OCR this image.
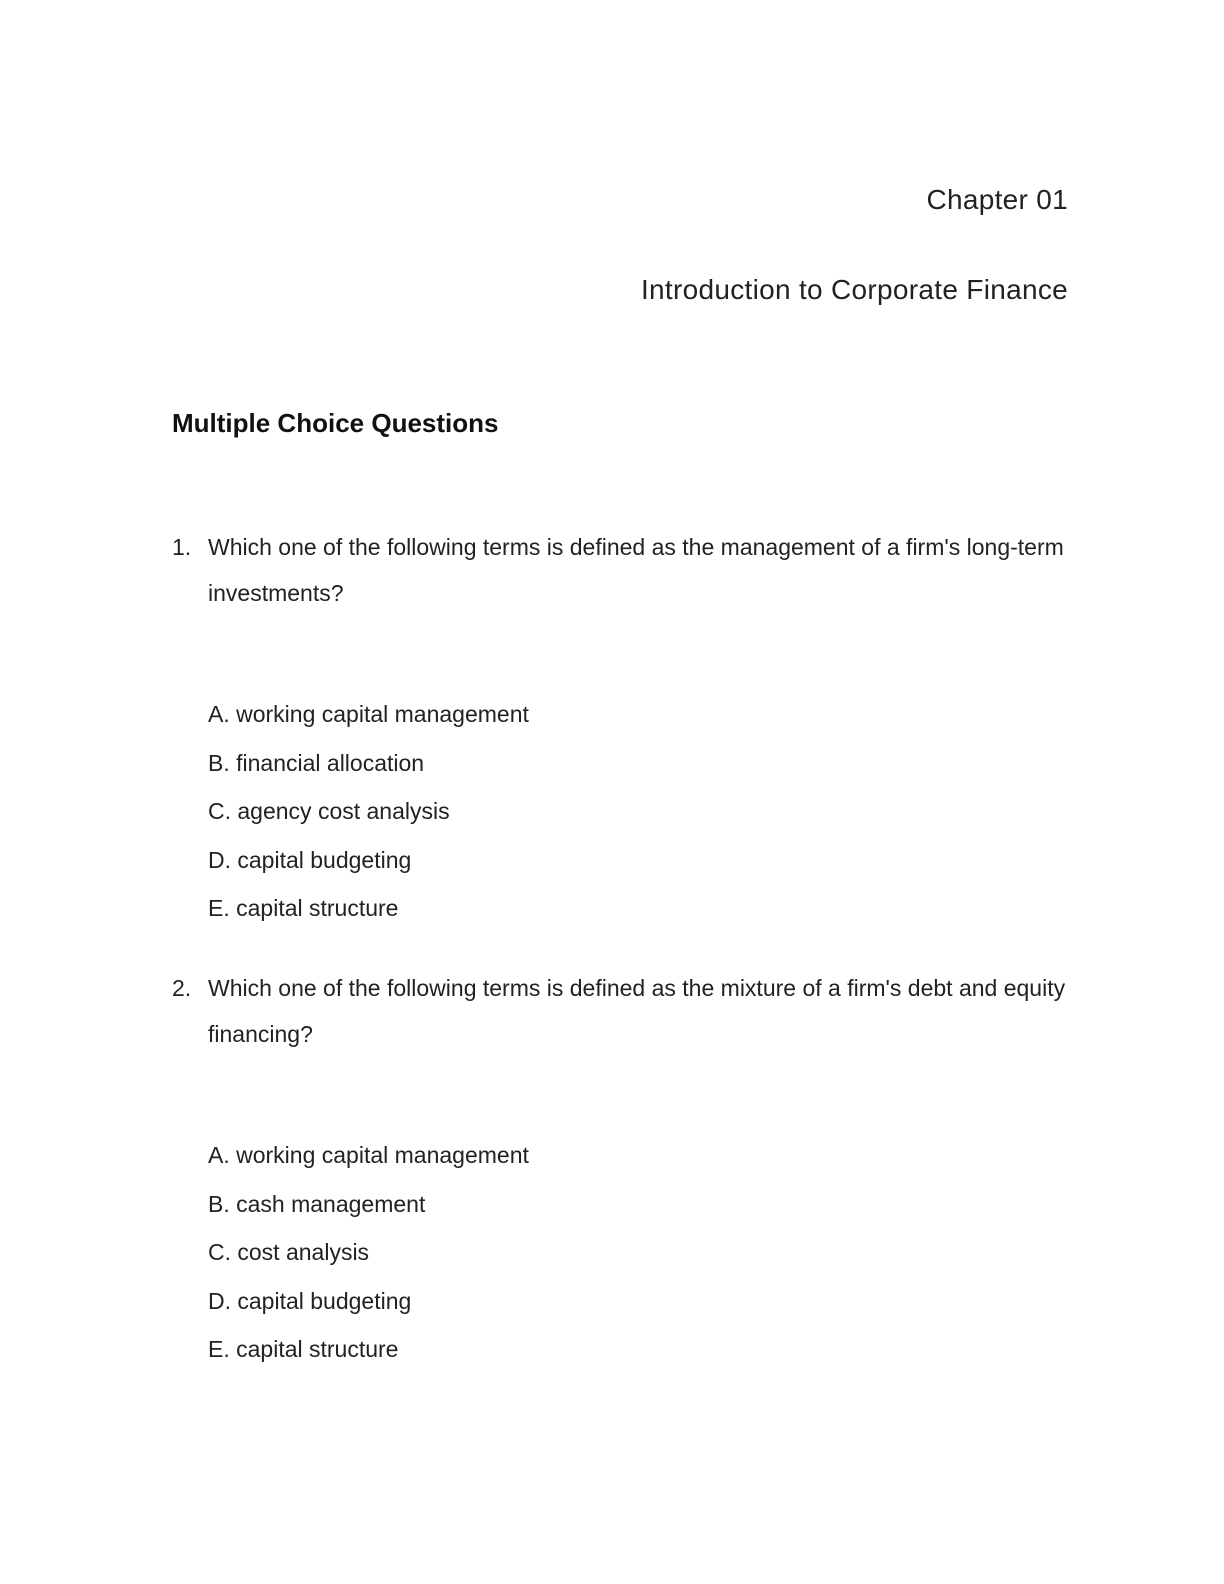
Chapter 01
Introduction to Corporate Finance
Multiple Choice Questions
1. Which one of the following terms is defined as the management of a firm's long-term investments?
A. working capital management
B. financial allocation
C. agency cost analysis
D. capital budgeting
E. capital structure
2. Which one of the following terms is defined as the mixture of a firm's debt and equity financing?
A. working capital management
B. cash management
C. cost analysis
D. capital budgeting
E. capital structure
